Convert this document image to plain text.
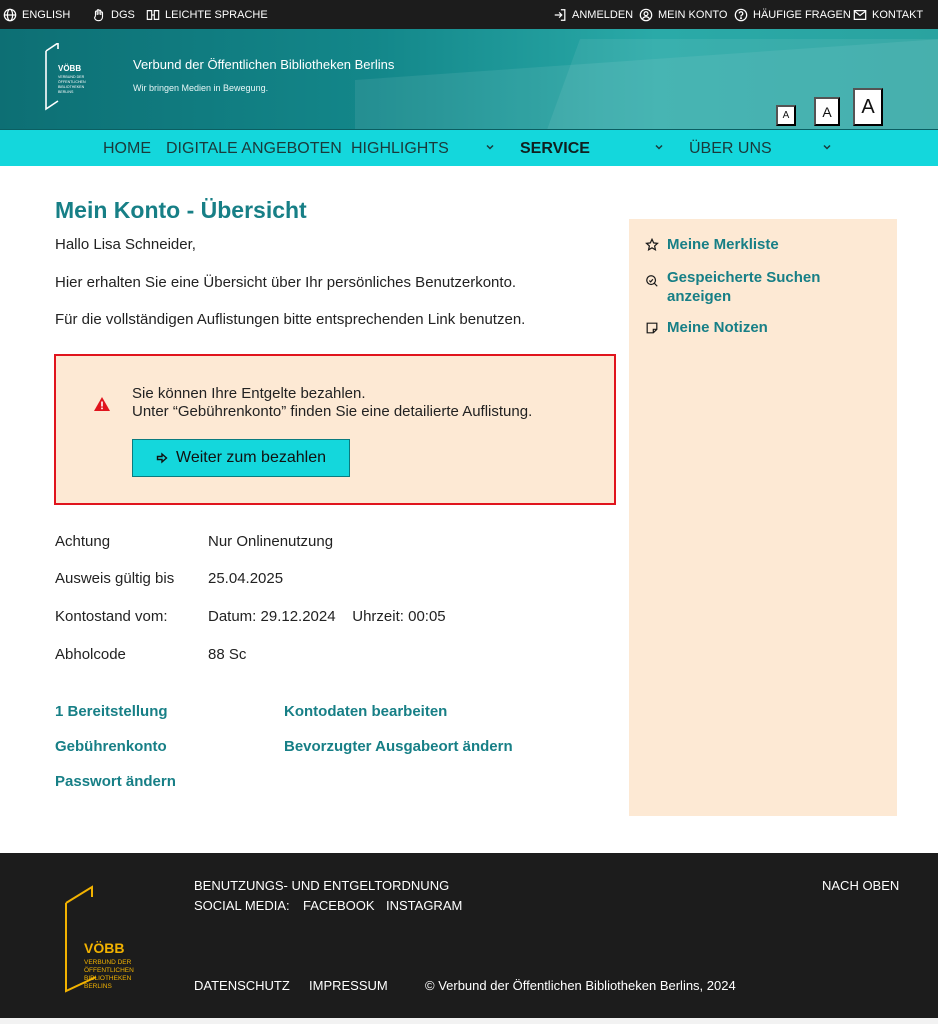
ENGLISH	DGS	LEICHTE SPRACHE	ANMELDEN MEIN KONTO HÄUFIGE FRAGEN KONTAKT
VÖBB
VERBUND DER
ÖFFENTLICHEN
BIBLIOTHEKEN
BERLINS
Verbund der Öffentlichen Bibliotheken Berlins
Wir bringen Medien in Bewegung.
A	A	A
HOME DIGITALE ANGEBOTEN HIGHLIGHTS	SERVICE	ÜBER UNS
Mein Konto - Übersicht

Hallo Lisa Schneider,

Hier erhalten Sie eine Übersicht über Ihr persönliches Benutzerkonto.

Für die vollständigen Auflistungen bitte entsprechenden Link benutzen.

Sie können Ihre Entgelte bezahlen.
Unter “Gebührenkonto” finden Sie eine detailierte Auflistung.
Weiter zum bezahlen
Achtung	Nur Onlinenutzung
Ausweis gültig bis 25.04.2025
Kontostand vom:	Datum: 29.12.2024    Uhrzeit: 00:05
Abholcode	88 Sc
1 Bereitstellung
Gebührenkonto
Passwort ändern
Kontodaten bearbeiten
Bevorzugter Ausgabeort ändern
Meine Merkliste
Gespeicherte Suchen
anzeigen
Meine Notizen
VÖBB
VERBUND DER
ÖFFENTLICHEN
BIBLIOTHEKEN
BERLINS
BENUTZUNGS- UND ENTGELTORDNUNG
SOCIAL MEDIA: FACEBOOK INSTAGRAM
NACH OBEN
DATENSCHUTZ IMPRESSUM	© Verbund der Öffentlichen Bibliotheken Berlins, 2024
